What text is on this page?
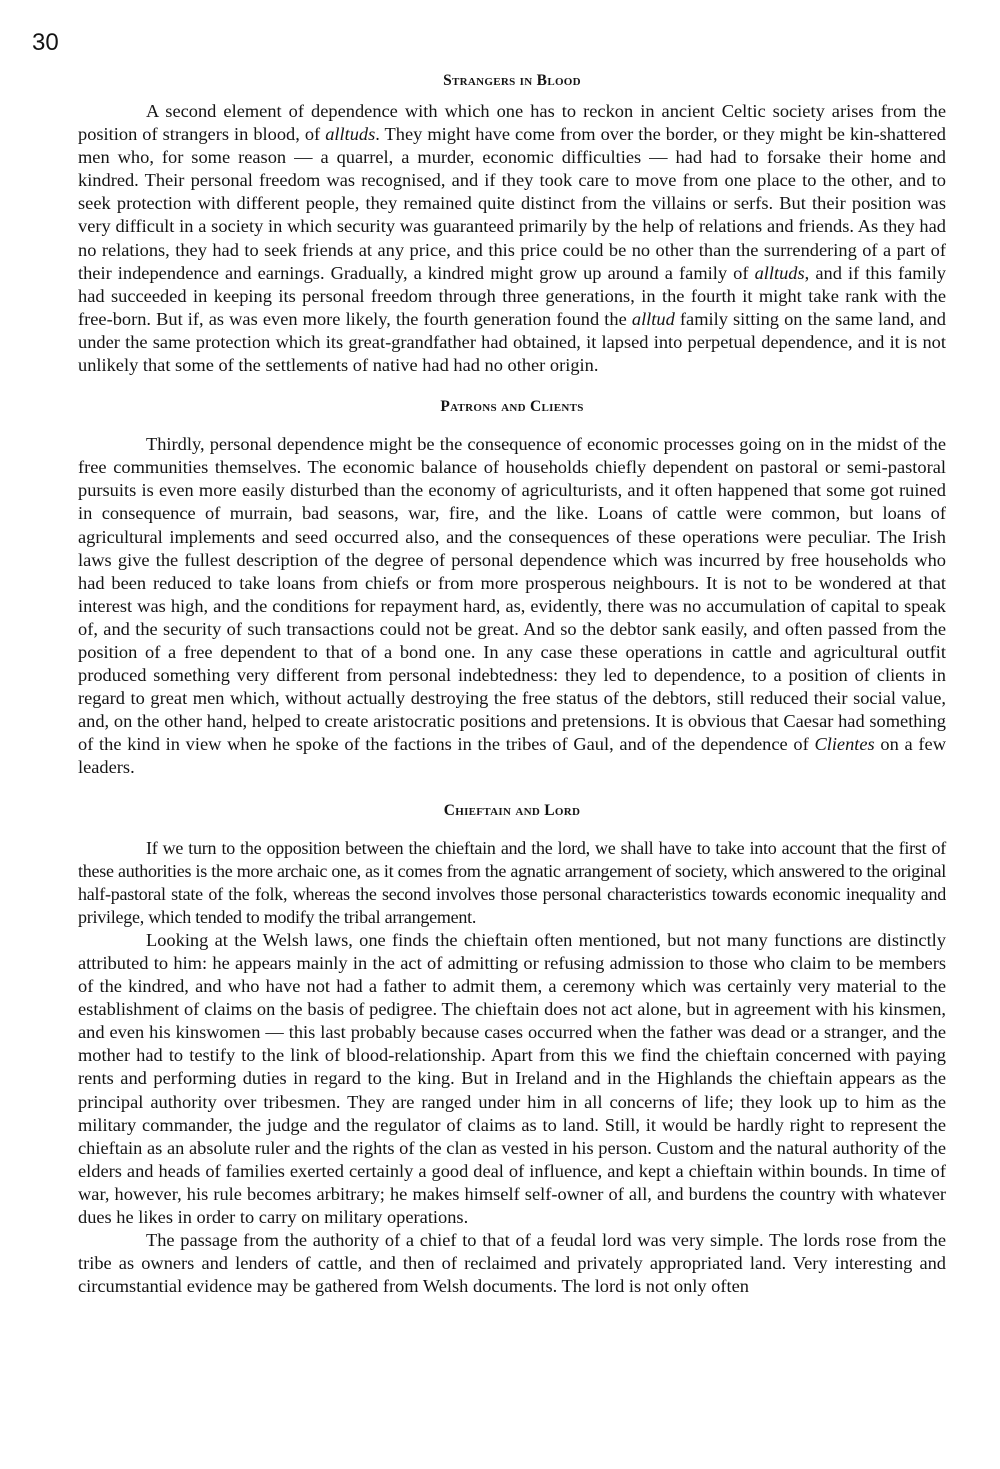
30
Strangers in Blood

A second element of dependence with which one has to reckon in ancient Celtic society arises from the position of strangers in blood, of alltuds. They might have come from over the border, or they might be kin-shattered men who, for some reason — a quarrel, a murder, economic difficulties — had had to forsake their home and kindred. Their personal freedom was recognised, and if they took care to move from one place to the other, and to seek protection with different people, they remained quite distinct from the villains or serfs. But their position was very difficult in a society in which security was guaranteed primarily by the help of relations and friends. As they had no relations, they had to seek friends at any price, and this price could be no other than the surrendering of a part of their independence and earnings. Gradually, a kindred might grow up around a family of alltuds, and if this family had succeeded in keeping its personal freedom through three generations, in the fourth it might take rank with the free-born. But if, as was even more likely, the fourth generation found the alltud family sitting on the same land, and under the same protection which its great-grandfather had obtained, it lapsed into perpetual dependence, and it is not unlikely that some of the settlements of native had had no other origin.

Patrons and Clients

Thirdly, personal dependence might be the consequence of economic processes going on in the midst of the free communities themselves. The economic balance of households chiefly dependent on pastoral or semi-pastoral pursuits is even more easily disturbed than the economy of agriculturists, and it often happened that some got ruined in consequence of murrain, bad seasons, war, fire, and the like. Loans of cattle were common, but loans of agricultural implements and seed occurred also, and the consequences of these operations were peculiar. The Irish laws give the fullest description of the degree of personal dependence which was incurred by free households who had been reduced to take loans from chiefs or from more prosperous neighbours. It is not to be wondered at that interest was high, and the conditions for repayment hard, as, evidently, there was no accumulation of capital to speak of, and the security of such transactions could not be great. And so the debtor sank easily, and often passed from the position of a free dependent to that of a bond one. In any case these operations in cattle and agricultural outfit produced something very different from personal indebtedness: they led to dependence, to a position of clients in regard to great men which, without actually destroying the free status of the debtors, still reduced their social value, and, on the other hand, helped to create aristocratic positions and pretensions. It is obvious that Caesar had something of the kind in view when he spoke of the factions in the tribes of Gaul, and of the dependence of Clientes on a few leaders.

Chieftain and Lord

If we turn to the opposition between the chieftain and the lord, we shall have to take into account that the first of these authorities is the more archaic one, as it comes from the agnatic arrangement of society, which answered to the original half-pastoral state of the folk, whereas the second involves those personal characteristics towards economic inequality and privilege, which tended to modify the tribal arrangement.

Looking at the Welsh laws, one finds the chieftain often mentioned, but not many functions are distinctly attributed to him: he appears mainly in the act of admitting or refusing admission to those who claim to be members of the kindred, and who have not had a father to admit them, a ceremony which was certainly very material to the establishment of claims on the basis of pedigree. The chieftain does not act alone, but in agreement with his kinsmen, and even his kinswomen — this last probably because cases occurred when the father was dead or a stranger, and the mother had to testify to the link of blood-relationship. Apart from this we find the chieftain concerned with paying rents and performing duties in regard to the king. But in Ireland and in the Highlands the chieftain appears as the principal authority over tribesmen. They are ranged under him in all concerns of life; they look up to him as the military commander, the judge and the regulator of claims as to land. Still, it would be hardly right to represent the chieftain as an absolute ruler and the rights of the clan as vested in his person. Custom and the natural authority of the elders and heads of families exerted certainly a good deal of influence, and kept a chieftain within bounds. In time of war, however, his rule becomes arbitrary; he makes himself self-owner of all, and burdens the country with whatever dues he likes in order to carry on military operations.

The passage from the authority of a chief to that of a feudal lord was very simple. The lords rose from the tribe as owners and lenders of cattle, and then of reclaimed and privately appropriated land. Very interesting and circumstantial evidence may be gathered from Welsh documents. The lord is not only often
